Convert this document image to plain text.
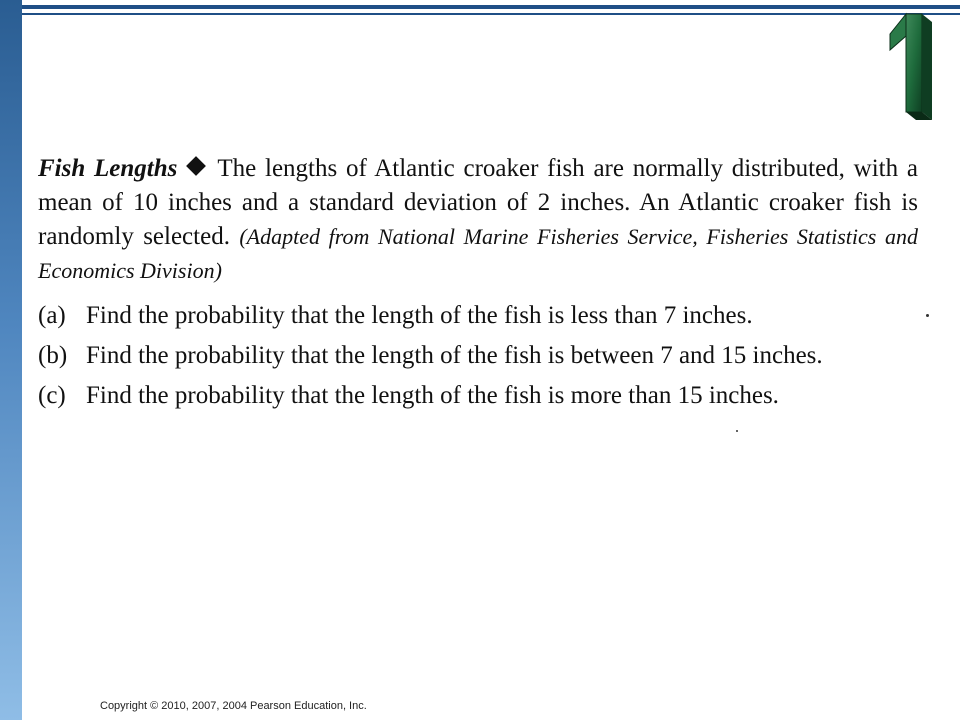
1
Fish Lengths The lengths of Atlantic croaker fish are normally distributed, with a mean of 10 inches and a standard deviation of 2 inches. An Atlantic croaker fish is randomly selected. (Adapted from National Marine Fisheries Service, Fisheries Statistics and Economics Division)
(a) Find the probability that the length of the fish is less than 7 inches.
(b) Find the probability that the length of the fish is between 7 and 15 inches.
(c) Find the probability that the length of the fish is more than 15 inches.
Copyright © 2010, 2007, 2004 Pearson Education, Inc.
